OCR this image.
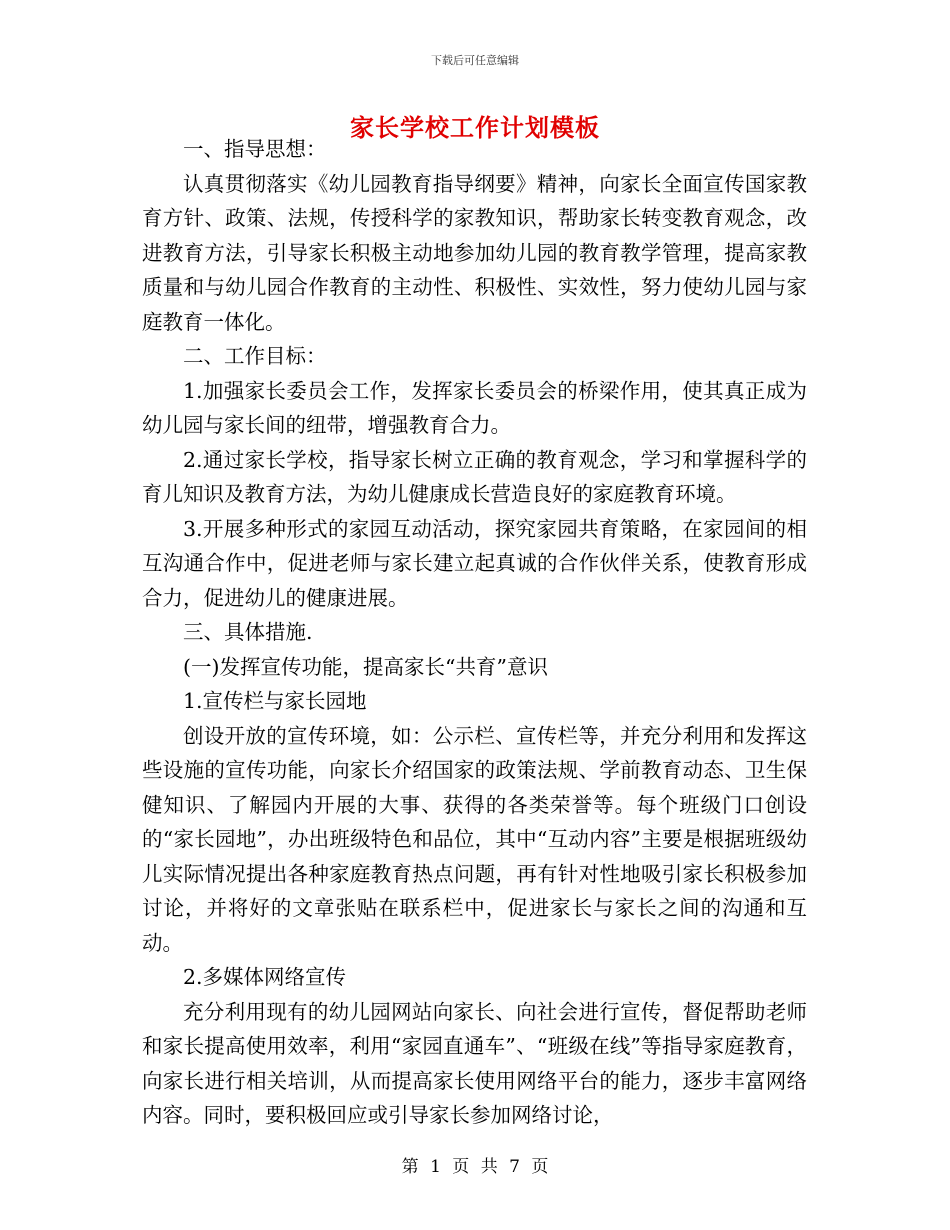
下载后可任意编辑
家长学校工作计划模板

一、指导思想：

认真贯彻落实《幼儿园教育指导纲要》精神，向家长全面宣传国家教育方针、政策、法规，传授科学的家教知识，帮助家长转变教育观念，改进教育方法，引导家长积极主动地参加幼儿园的教育教学管理，提高家教质量和与幼儿园合作教育的主动性、积极性、实效性，努力使幼儿园与家庭教育一体化。

二、工作目标：

1.加强家长委员会工作，发挥家长委员会的桥梁作用，使其真正成为幼儿园与家长间的纽带，增强教育合力。

2.通过家长学校，指导家长树立正确的教育观念，学习和掌握科学的育儿知识及教育方法，为幼儿健康成长营造良好的家庭教育环境。

3.开展多种形式的家园互动活动，探究家园共育策略，在家园间的相互沟通合作中，促进老师与家长建立起真诚的合作伙伴关系，使教育形成合力，促进幼儿的健康进展。

三、具体措施.

(一)发挥宣传功能，提高家长“共育”意识

1.宣传栏与家长园地

创设开放的宣传环境，如：公示栏、宣传栏等，并充分利用和发挥这些设施的宣传功能，向家长介绍国家的政策法规、学前教育动态、卫生保健知识、了解园内开展的大事、获得的各类荣誉等。每个班级门口创设的“家长园地”，办出班级特色和品位，其中“互动内容”主要是根据班级幼儿实际情况提出各种家庭教育热点问题，再有针对性地吸引家长积极参加讨论，并将好的文章张贴在联系栏中，促进家长与家长之间的沟通和互动。

2.多媒体网络宣传

充分利用现有的幼儿园网站向家长、向社会进行宣传，督促帮助老师和家长提高使用效率，利用“家园直通车”、“班级在线”等指导家庭教育，向家长进行相关培训，从而提高家长使用网络平台的能力，逐步丰富网络内容。同时，要积极回应或引导家长参加网络讨论，

第 1 页 共 7 页
